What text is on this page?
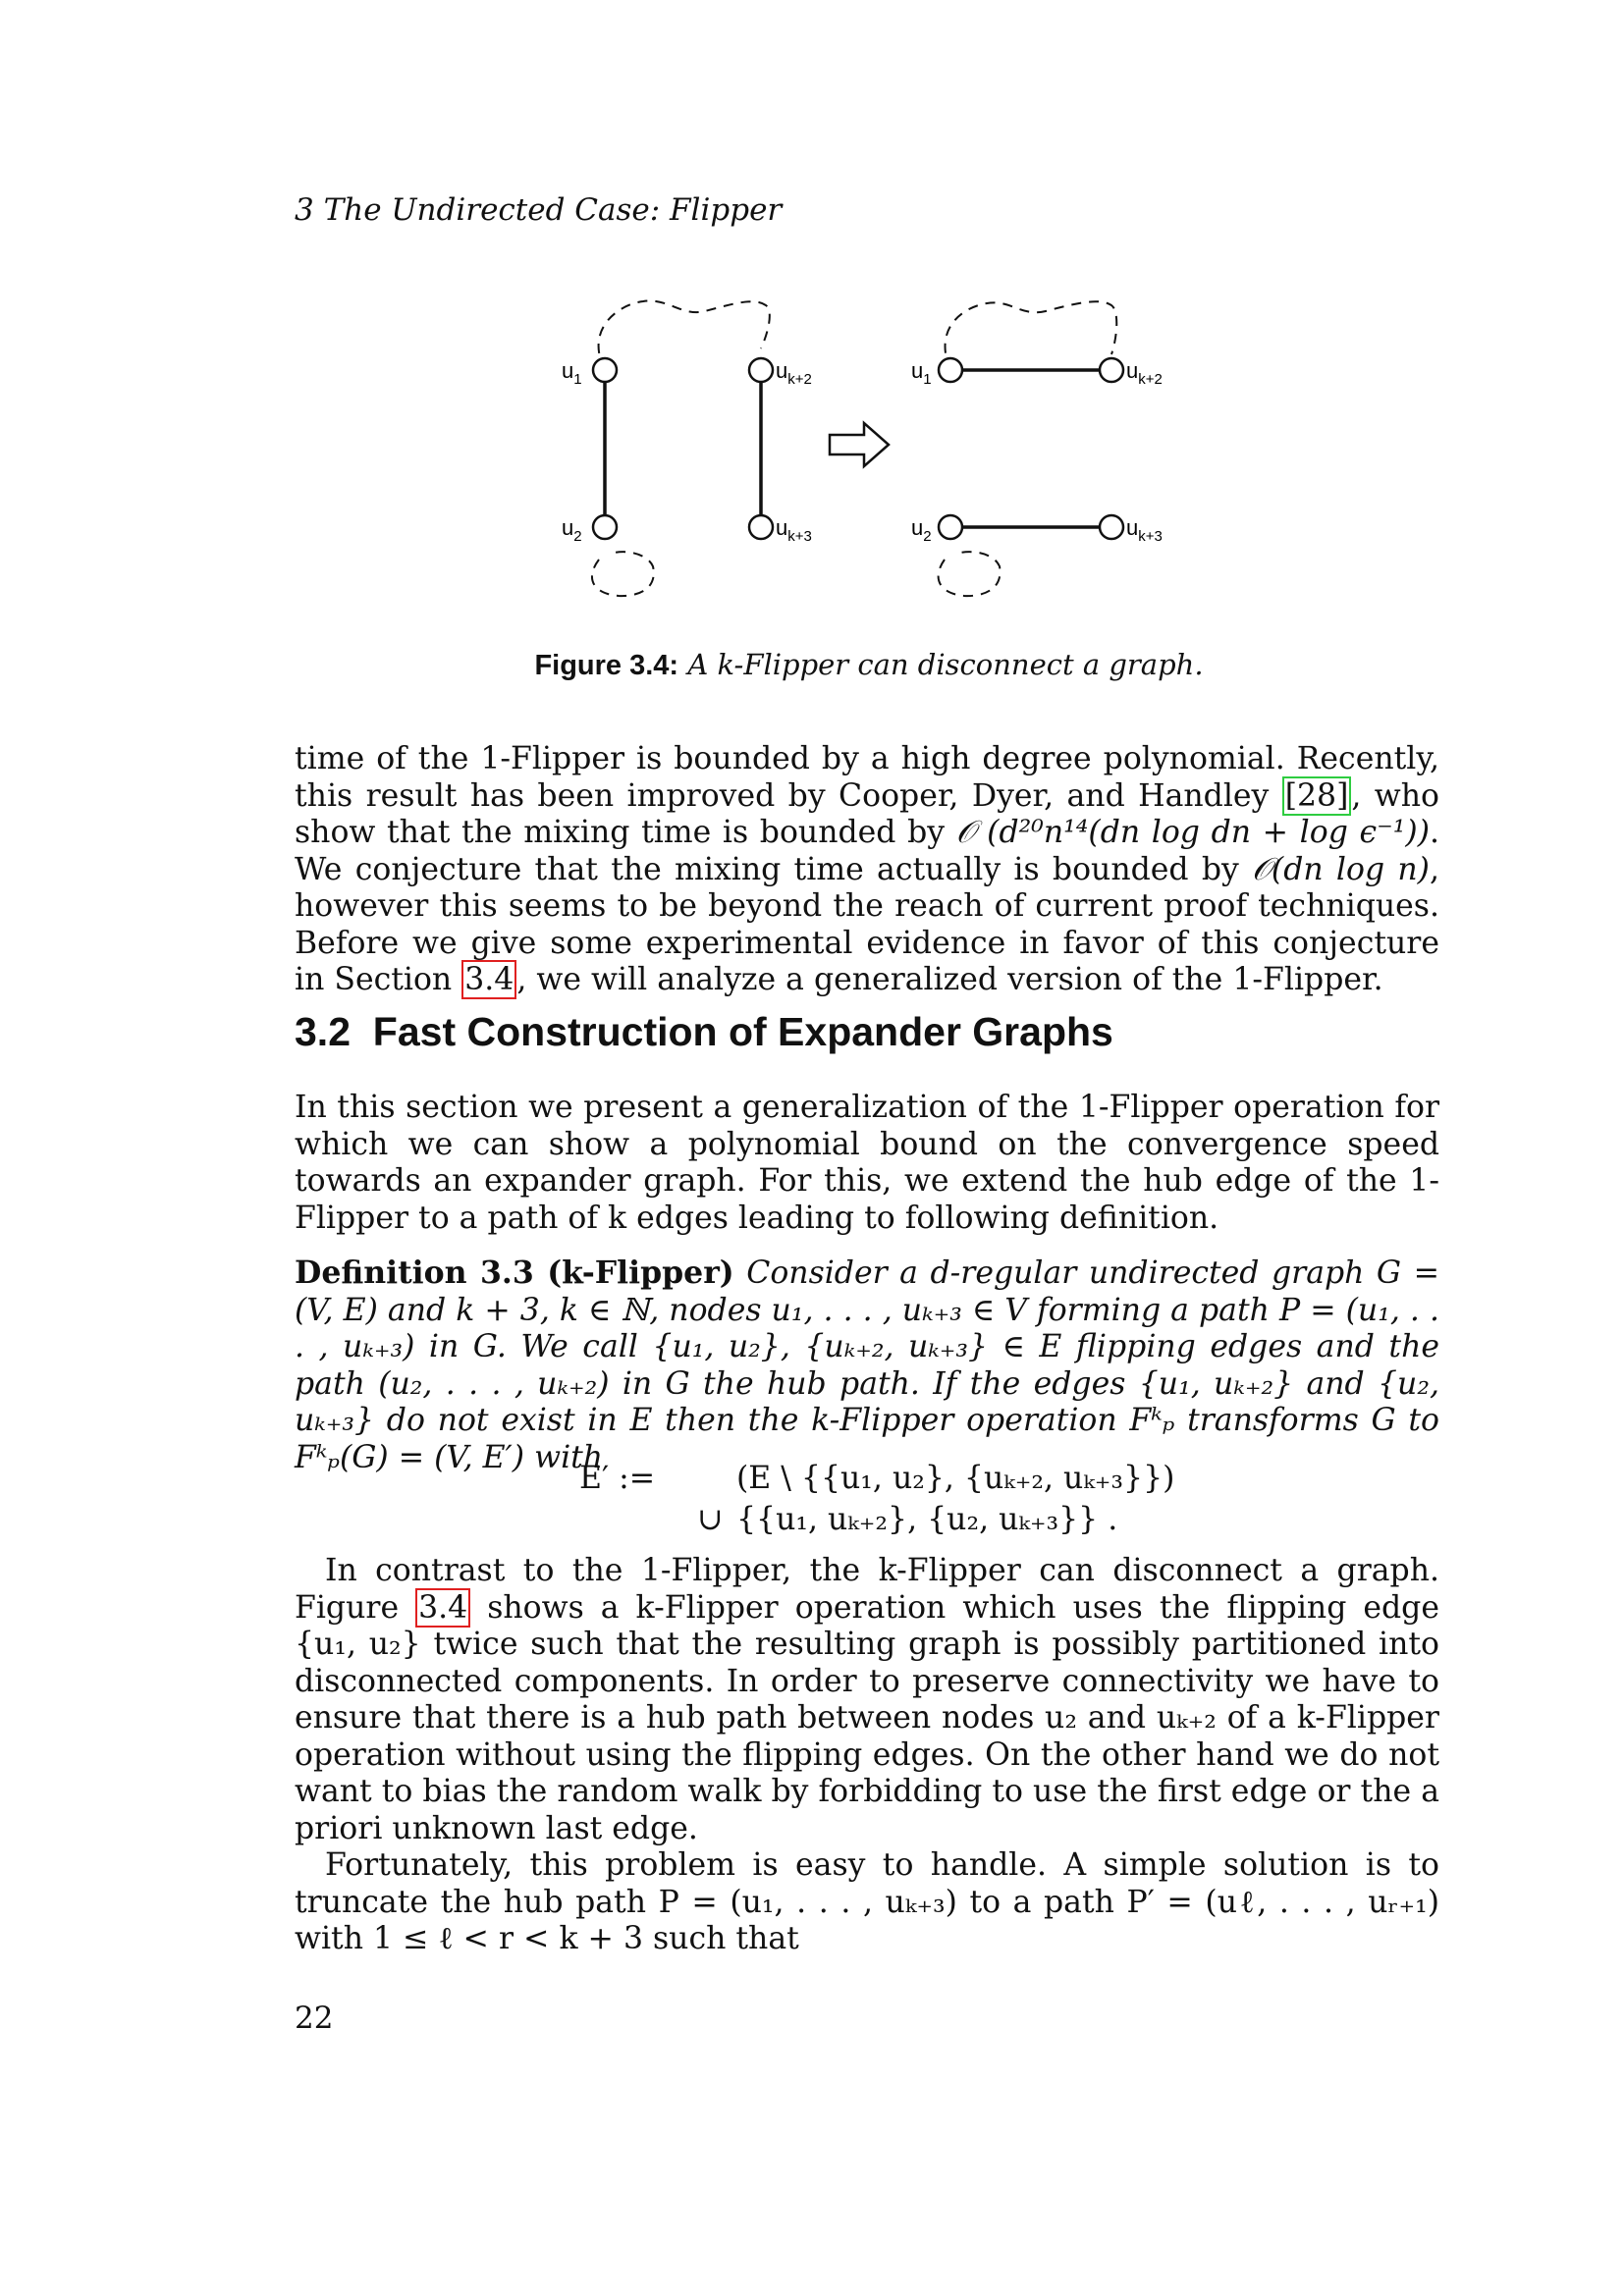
3 The Undirected Case: Flipper
$u_1$
$u_2$
$u_{k+2}$
$u_{k+3}$
$u_1$
$u_2$
$u_{k+2}$
$u_{k+3}$
Figure 3.4: A k-Flipper can disconnect a graph.

time of the 1-Flipper is bounded by a high degree polynomial. Recently, this result has been improved by Cooper, Dyer, and Handley [28], who show that the mixing time is bounded by 𝒪 (d²⁰n¹⁴(dn log dn + log ϵ⁻¹)). We conjecture that the mixing time actually is bounded by 𝒪(dn log n), however this seems to be beyond the reach of current proof techniques. Before we give some experimental evidence in favor of this conjecture in Section 3.4, we will analyze a generalized version of the 1-Flipper.

3.2 Fast Construction of Expander Graphs

In this section we present a generalization of the 1-Flipper operation for which we can show a polynomial bound on the convergence speed towards an expander graph. For this, we extend the hub edge of the 1-Flipper to a path of k edges leading to following definition.

Definition 3.3 (k-Flipper) Consider a d-regular undirected graph G = (V, E) and k + 3, k ∈ ℕ, nodes u₁, . . . , uₖ₊₃ ∈ V forming a path P = (u₁, . . . , uₖ₊₃) in G. We call {u₁, u₂}, {uₖ₊₂, uₖ₊₃} ∈ E flipping edges and the path (u₂, . . . , uₖ₊₂) in G the hub path. If the edges {u₁, uₖ₊₂} and {u₂, uₖ₊₃} do not exist in E then the k-Flipper operation Fᵏₚ transforms G to Fᵏₚ(G) = (V, E′) with

E′ :=	(E \ {{u₁, u₂}, {uₖ₊₂, uₖ₊₃}})
∪ {{u₁, uₖ₊₂}, {u₂, uₖ₊₃}} .

In contrast to the 1-Flipper, the k-Flipper can disconnect a graph. Figure 3.4 shows a k-Flipper operation which uses the flipping edge {u₁, u₂} twice such that the resulting graph is possibly partitioned into disconnected components. In order to preserve connectivity we have to ensure that there is a hub path between nodes u₂ and uₖ₊₂ of a k-Flipper operation without using the flipping edges. On the other hand we do not want to bias the random walk by forbidding to use the first edge or the a priori unknown last edge.

Fortunately, this problem is easy to handle. A simple solution is to truncate the hub path P = (u₁, . . . , uₖ₊₃) to a path P′ = (uℓ, . . . , uᵣ₊₁) with 1 ≤ ℓ < r < k + 3 such that

22
